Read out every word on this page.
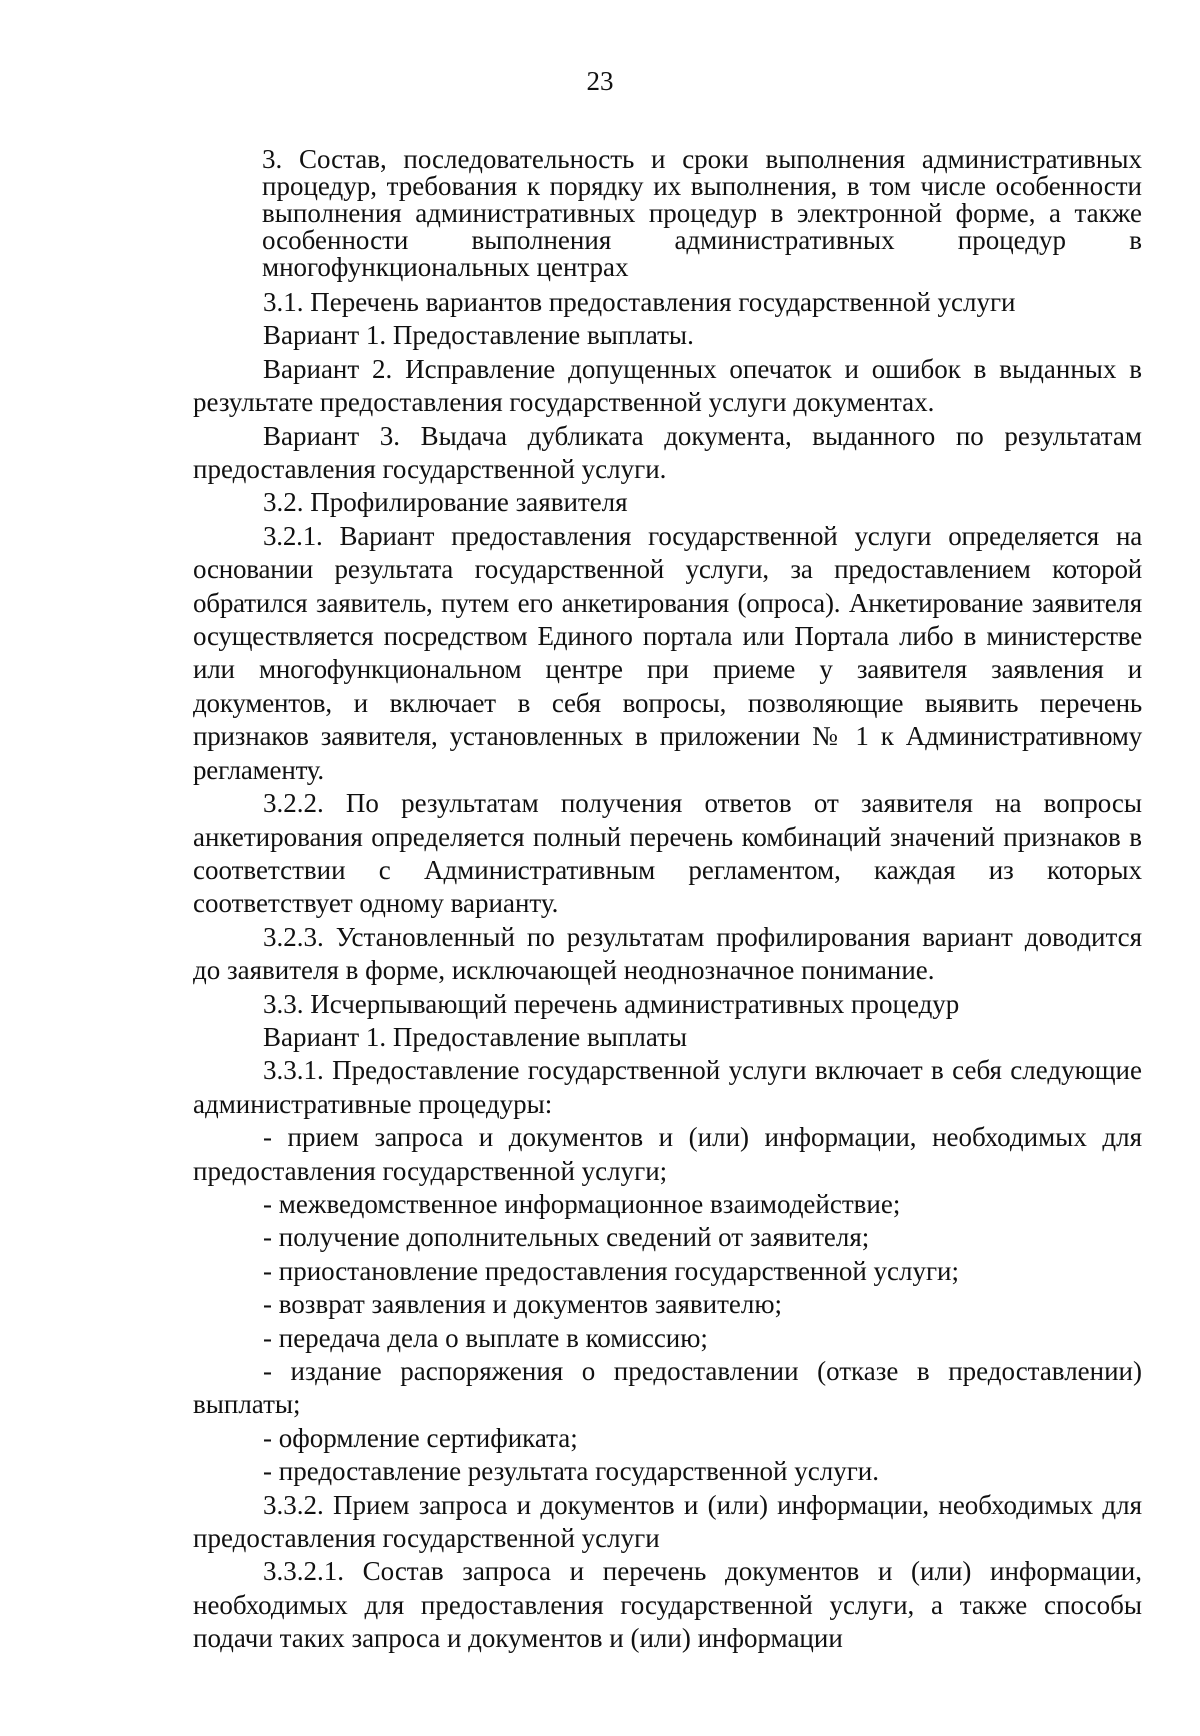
23
3. Состав, последовательность и сроки выполнения административных процедур, требования к порядку их выполнения, в том числе особенности выполнения административных процедур в электронной форме, а также особенности выполнения административных процедур в многофункциональных центрах

3.1. Перечень вариантов предоставления государственной услуги

Вариант 1. Предоставление выплаты.

Вариант 2. Исправление допущенных опечаток и ошибок в выданных в результате предоставления государственной услуги документах.

Вариант 3. Выдача дубликата документа, выданного по результатам предоставления государственной услуги.

3.2. Профилирование заявителя

3.2.1. Вариант предоставления государственной услуги определяется на основании результата государственной услуги, за предоставлением которой обратился заявитель, путем его анкетирования (опроса). Анкетирование заявителя осуществляется посредством Единого портала или Портала либо в министерстве или многофункциональном центре при приеме у заявителя заявления и документов, и включает в себя вопросы, позволяющие выявить перечень признаков заявителя, установленных в приложении № 1 к Административному регламенту.

3.2.2. По результатам получения ответов от заявителя на вопросы анкетирования определяется полный перечень комбинаций значений признаков в соответствии с Административным регламентом, каждая из которых соответствует одному варианту.

3.2.3. Установленный по результатам профилирования вариант доводится до заявителя в форме, исключающей неоднозначное понимание.

3.3. Исчерпывающий перечень административных процедур

Вариант 1. Предоставление выплаты

3.3.1. Предоставление государственной услуги включает в себя следующие административные процедуры:

- прием запроса и документов и (или) информации, необходимых для предоставления государственной услуги;

- межведомственное информационное взаимодействие;

- получение дополнительных сведений от заявителя;

- приостановление предоставления государственной услуги;

- возврат заявления и документов заявителю;

- передача дела о выплате в комиссию;

- издание распоряжения о предоставлении (отказе в предоставлении) выплаты;

- оформление сертификата;

- предоставление результата государственной услуги.

3.3.2. Прием запроса и документов и (или) информации, необходимых для предоставления государственной услуги

3.3.2.1. Состав запроса и перечень документов и (или) информации, необходимых для предоставления государственной услуги, а также способы подачи таких запроса и документов и (или) информации
